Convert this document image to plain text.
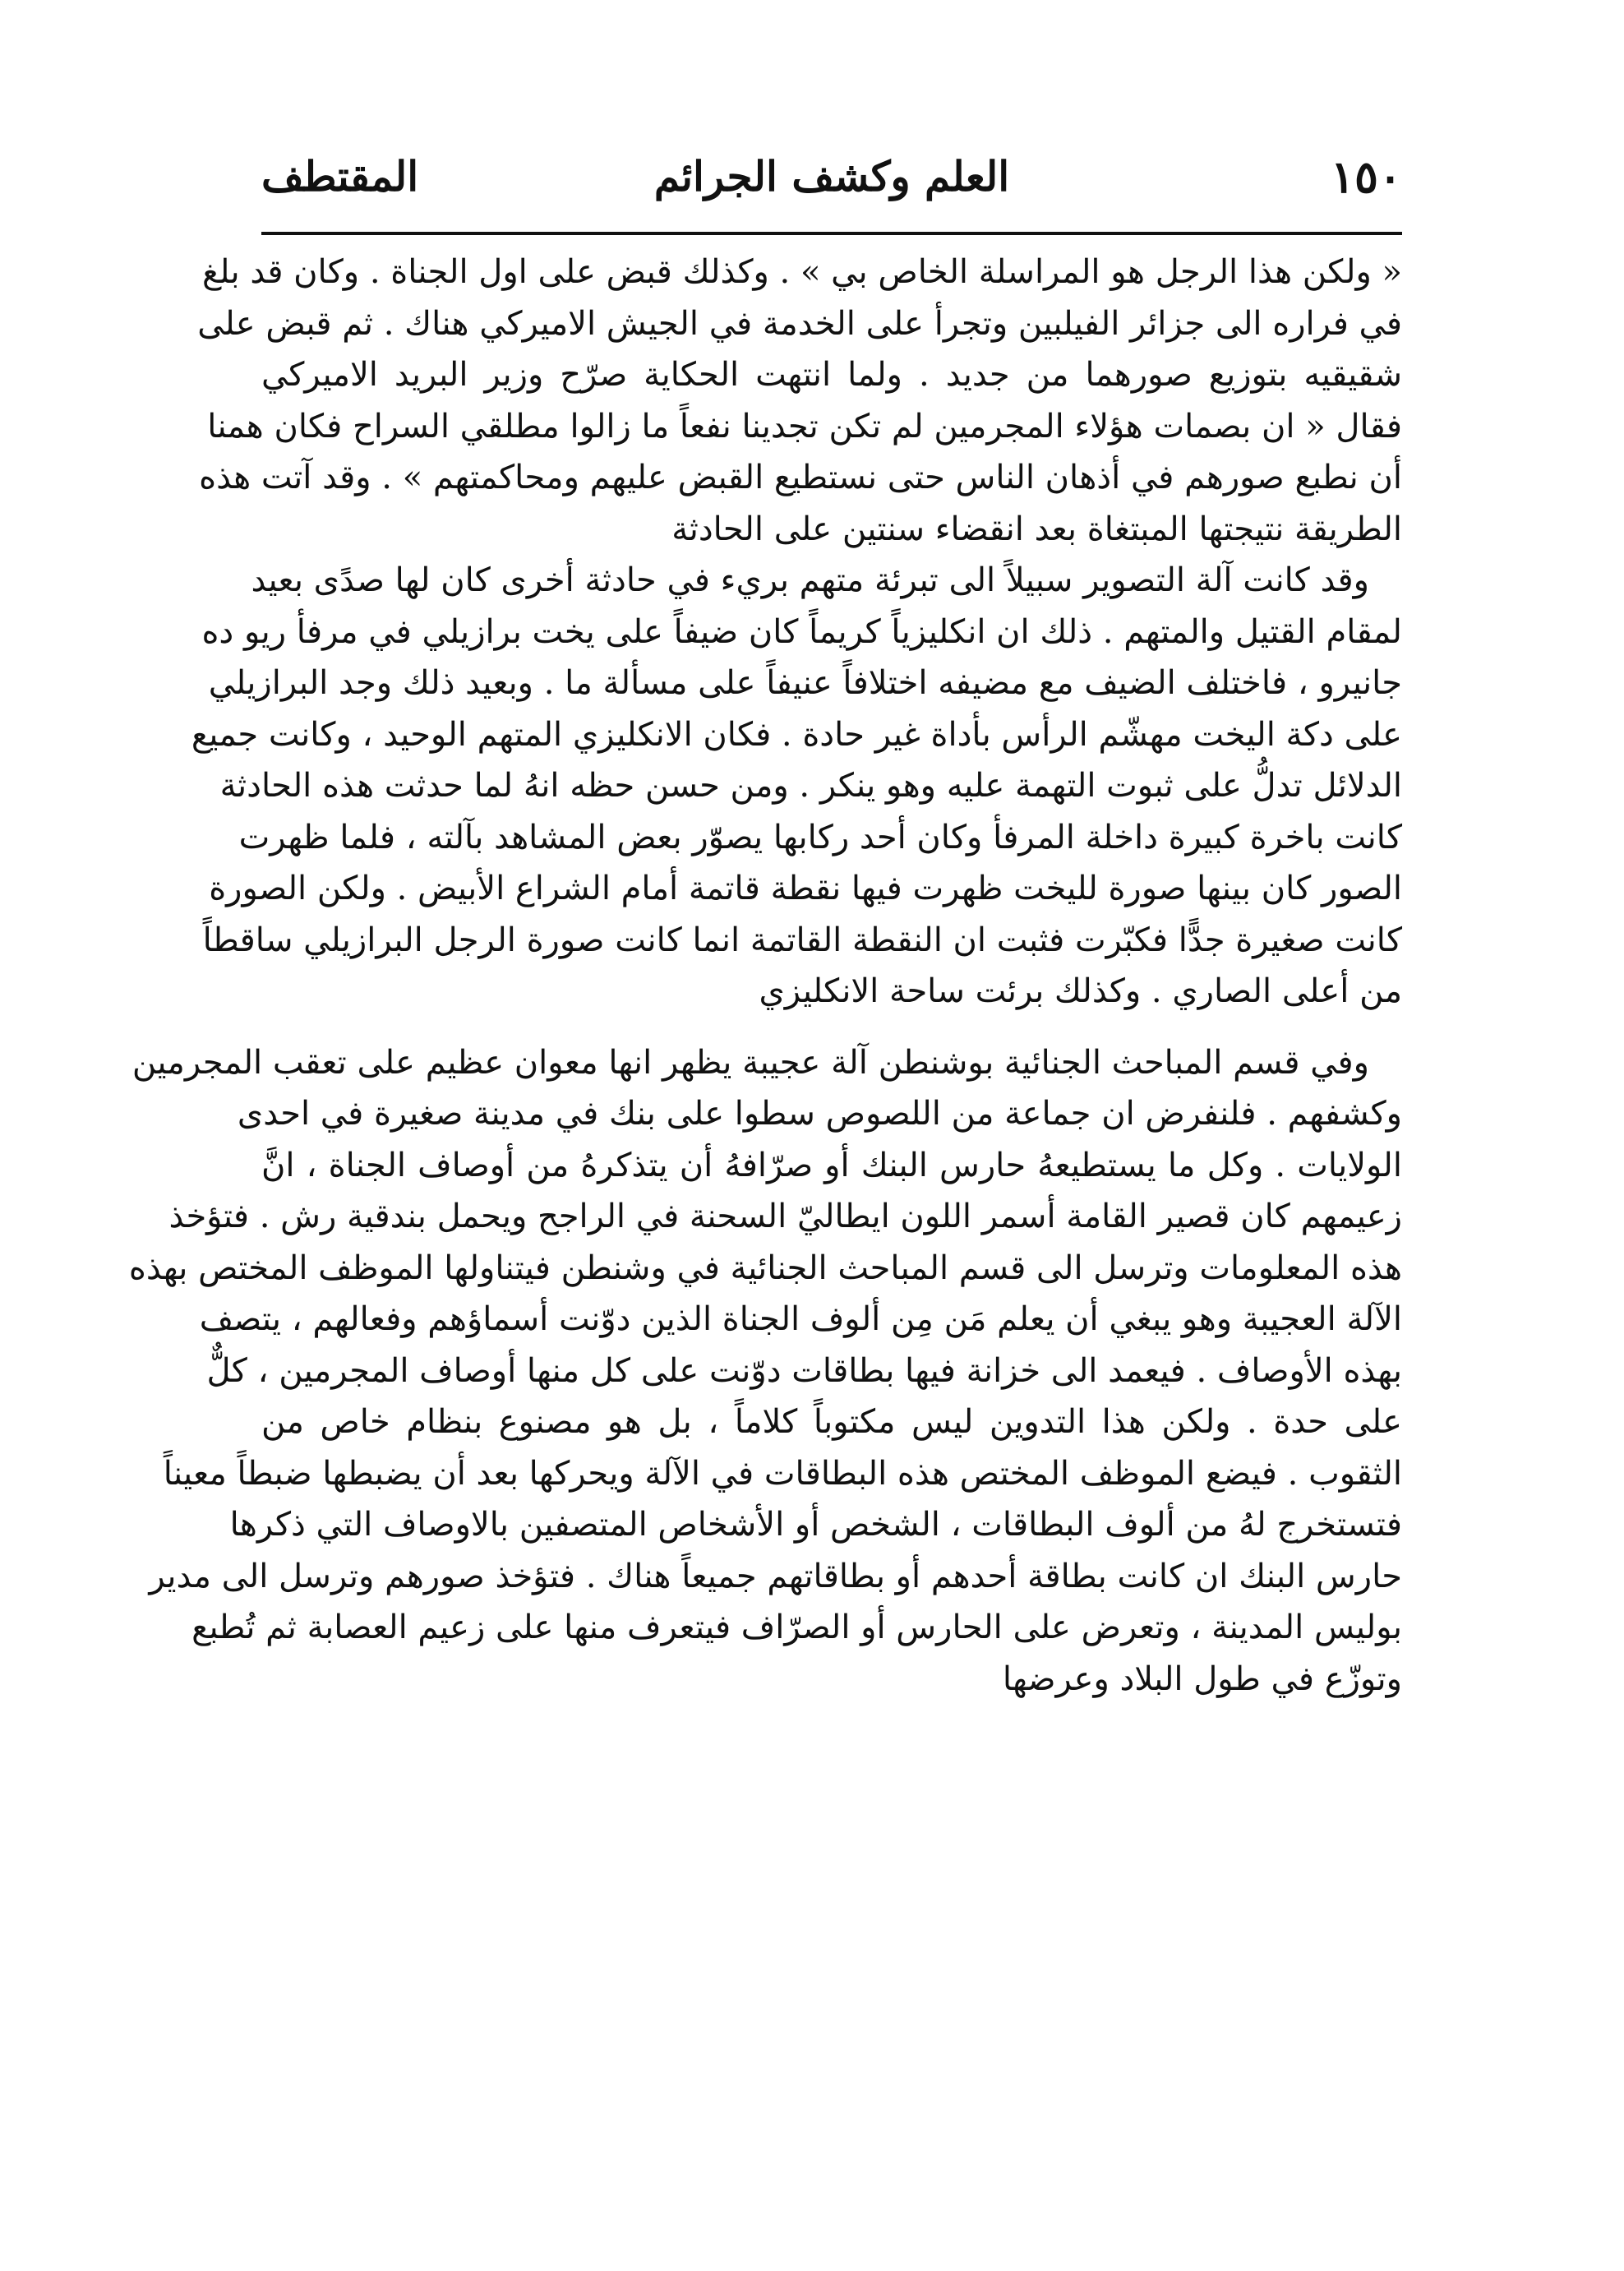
١٥٠
العلم وكشف الجرائم
المقتطف
« ولكن هذا الرجل هو المراسلة الخاص بي » . وكذلك قبض على اول الجناة . وكان قد بلغ
في فراره الى جزائر الفيلبين وتجرأ على الخدمة في الجيش الاميركي هناك . ثم قبض على
شقيقيه بتوزيع صورهما من جديد . ولما انتهت الحكاية صرّح وزير البريد الاميركي
فقال « ان بصمات هؤلاء المجرمين لم تكن تجدينا نفعاً ما زالوا مطلقي السراح فكان همنا
أن نطبع صورهم في أذهان الناس حتى نستطيع القبض عليهم ومحاكمتهم » . وقد آتت هذه
الطريقة نتيجتها المبتغاة بعد انقضاء سنتين على الحادثة
وقد كانت آلة التصوير سبيلاً الى تبرئة متهم بريء في حادثة أخرى كان لها صدًى بعيد
لمقام القتيل والمتهم . ذلك ان انكليزياً كريماً كان ضيفاً على يخت برازيلي في مرفأ ريو ده
جانيرو ، فاختلف الضيف مع مضيفه اختلافاً عنيفاً على مسألة ما . وبعيد ذلك وجد البرازيلي
على دكة اليخت مهشّم الرأس بأداة غير حادة . فكان الانكليزي المتهم الوحيد ، وكانت جميع
الدلائل تدلُّ على ثبوت التهمة عليه وهو ينكر . ومن حسن حظه انهُ لما حدثت هذه الحادثة
كانت باخرة كبيرة داخلة المرفأ وكان أحد ركابها يصوّر بعض المشاهد بآلته ، فلما ظهرت
الصور كان بينها صورة لليخت ظهرت فيها نقطة قاتمة أمام الشراع الأبيض . ولكن الصورة
كانت صغيرة جدًّا فكبّرت فثبت ان النقطة القاتمة انما كانت صورة الرجل البرازيلي ساقطاً
من أعلى الصاري . وكذلك برئت ساحة الانكليزي
وفي قسم المباحث الجنائية بوشنطن آلة عجيبة يظهر انها معوان عظيم على تعقب المجرمين
وكشفهم . فلنفرض ان جماعة من اللصوص سطوا على بنك في مدينة صغيرة في احدى
الولايات . وكل ما يستطيعهُ حارس البنك أو صرّافهُ أن يتذكرهُ من أوصاف الجناة ، انَّ
زعيمهم كان قصير القامة أسمر اللون ايطاليّ السحنة في الراجح ويحمل بندقية رش . فتؤخذ
هذه المعلومات وترسل الى قسم المباحث الجنائية في وشنطن فيتناولها الموظف المختص بهذه
الآلة العجيبة وهو يبغي أن يعلم مَن مِن ألوف الجناة الذين دوّنت أسماؤهم وفعالهم ، يتصف
بهذه الأوصاف . فيعمد الى خزانة فيها بطاقات دوّنت على كل منها أوصاف المجرمين ، كلٌّ
على حدة . ولكن هذا التدوين ليس مكتوباً كلاماً ، بل هو مصنوع بنظام خاص من
الثقوب . فيضع الموظف المختص هذه البطاقات في الآلة ويحركها بعد أن يضبطها ضبطاً معيناً
فتستخرج لهُ من ألوف البطاقات ، الشخص أو الأشخاص المتصفين بالاوصاف التي ذكرها
حارس البنك ان كانت بطاقة أحدهم أو بطاقاتهم جميعاً هناك . فتؤخذ صورهم وترسل الى مدير
بوليس المدينة ، وتعرض على الحارس أو الصرّاف فيتعرف منها على زعيم العصابة ثم تُطبع
وتوزّع في طول البلاد وعرضها
